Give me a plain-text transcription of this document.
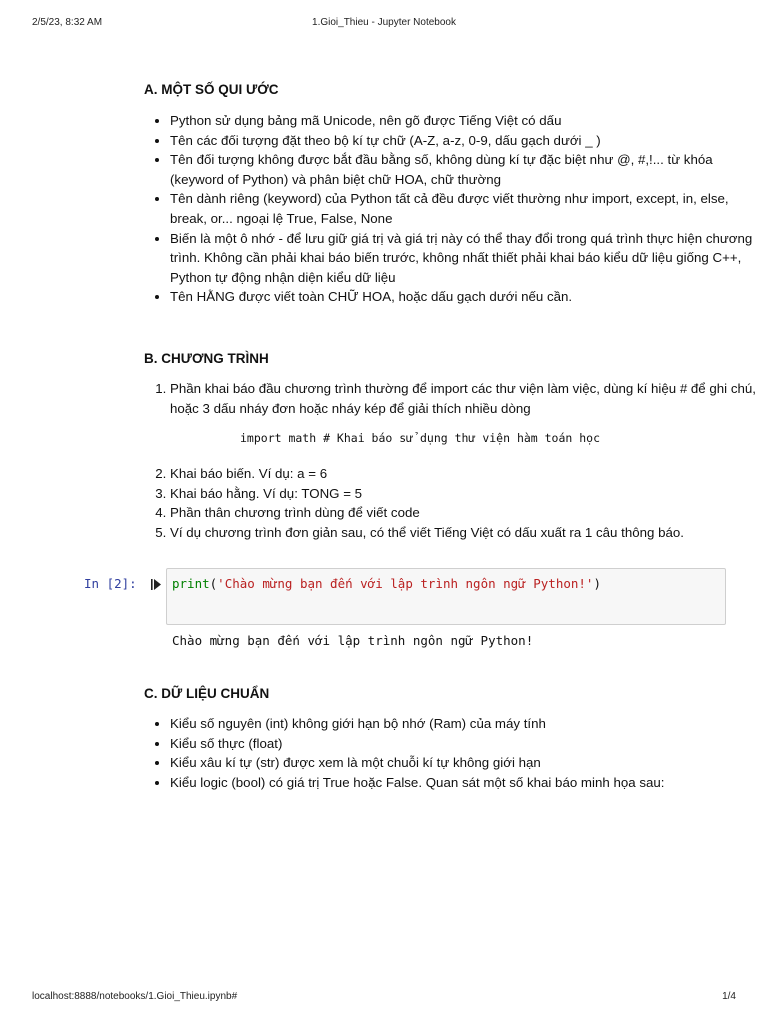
2/5/23, 8:32 AM	1.Gioi_Thieu - Jupyter Notebook
A. MỘT SỐ QUI ƯỚC
• Python sử dụng bảng mã Unicode, nên gõ được Tiếng Việt có dấu
• Tên các đối tượng đặt theo bộ kí tự chữ (A-Z, a-z, 0-9, dấu gạch dưới _ )
• Tên đối tượng không được bắt đầu bằng số, không dùng kí tự đặc biệt như @, #,!... từ khóa (keyword of Python) và phân biệt chữ HOA, chữ thường
• Tên dành riêng (keyword) của Python tất cả đều được viết thường như import, except, in, else, break, or... ngoại lệ True, False, None
• Biến là một ô nhớ - để lưu giữ giá trị và giá trị này có thể thay đổi trong quá trình thực hiện chương trình. Không cần phải khai báo biến trước, không nhất thiết phải khai báo kiểu dữ liệu giống C++, Python tự động nhận diện kiểu dữ liệu
• Tên HẰNG được viết toàn CHỮ HOA, hoặc dấu gạch dưới nếu cần.
B. CHƯƠNG TRÌNH
1. Phần khai báo đầu chương trình thường để import các thư viện làm việc, dùng kí hiệu # để ghi chú, hoặc 3 dấu nháy đơn hoặc nháy kép để giải thích nhiều dòng
import math # Khai báo sử dụng thư viện hàm toán học
2. Khai báo biến. Ví dụ: a = 6
3. Khai báo hằng. Ví dụ: TONG = 5
4. Phần thân chương trình dùng để viết code
5. Ví dụ chương trình đơn giản sau, có thể viết Tiếng Việt có dấu xuất ra 1 câu thông báo.
In [2]:	print('Chào mừng bạn đến với lập trình ngôn ngữ Python!')
Chào mừng bạn đến với lập trình ngôn ngữ Python!
C. DỮ LIỆU CHUẨN
• Kiểu số nguyên (int) không giới hạn bộ nhớ (Ram) của máy tính
• Kiểu số thực (float)
• Kiểu xâu kí tự (str) được xem là một chuỗi kí tự không giới hạn
• Kiểu logic (bool) có giá trị True hoặc False. Quan sát một số khai báo minh họa sau:
localhost:8888/notebooks/1.Gioi_Thieu.ipynb#	1/4
